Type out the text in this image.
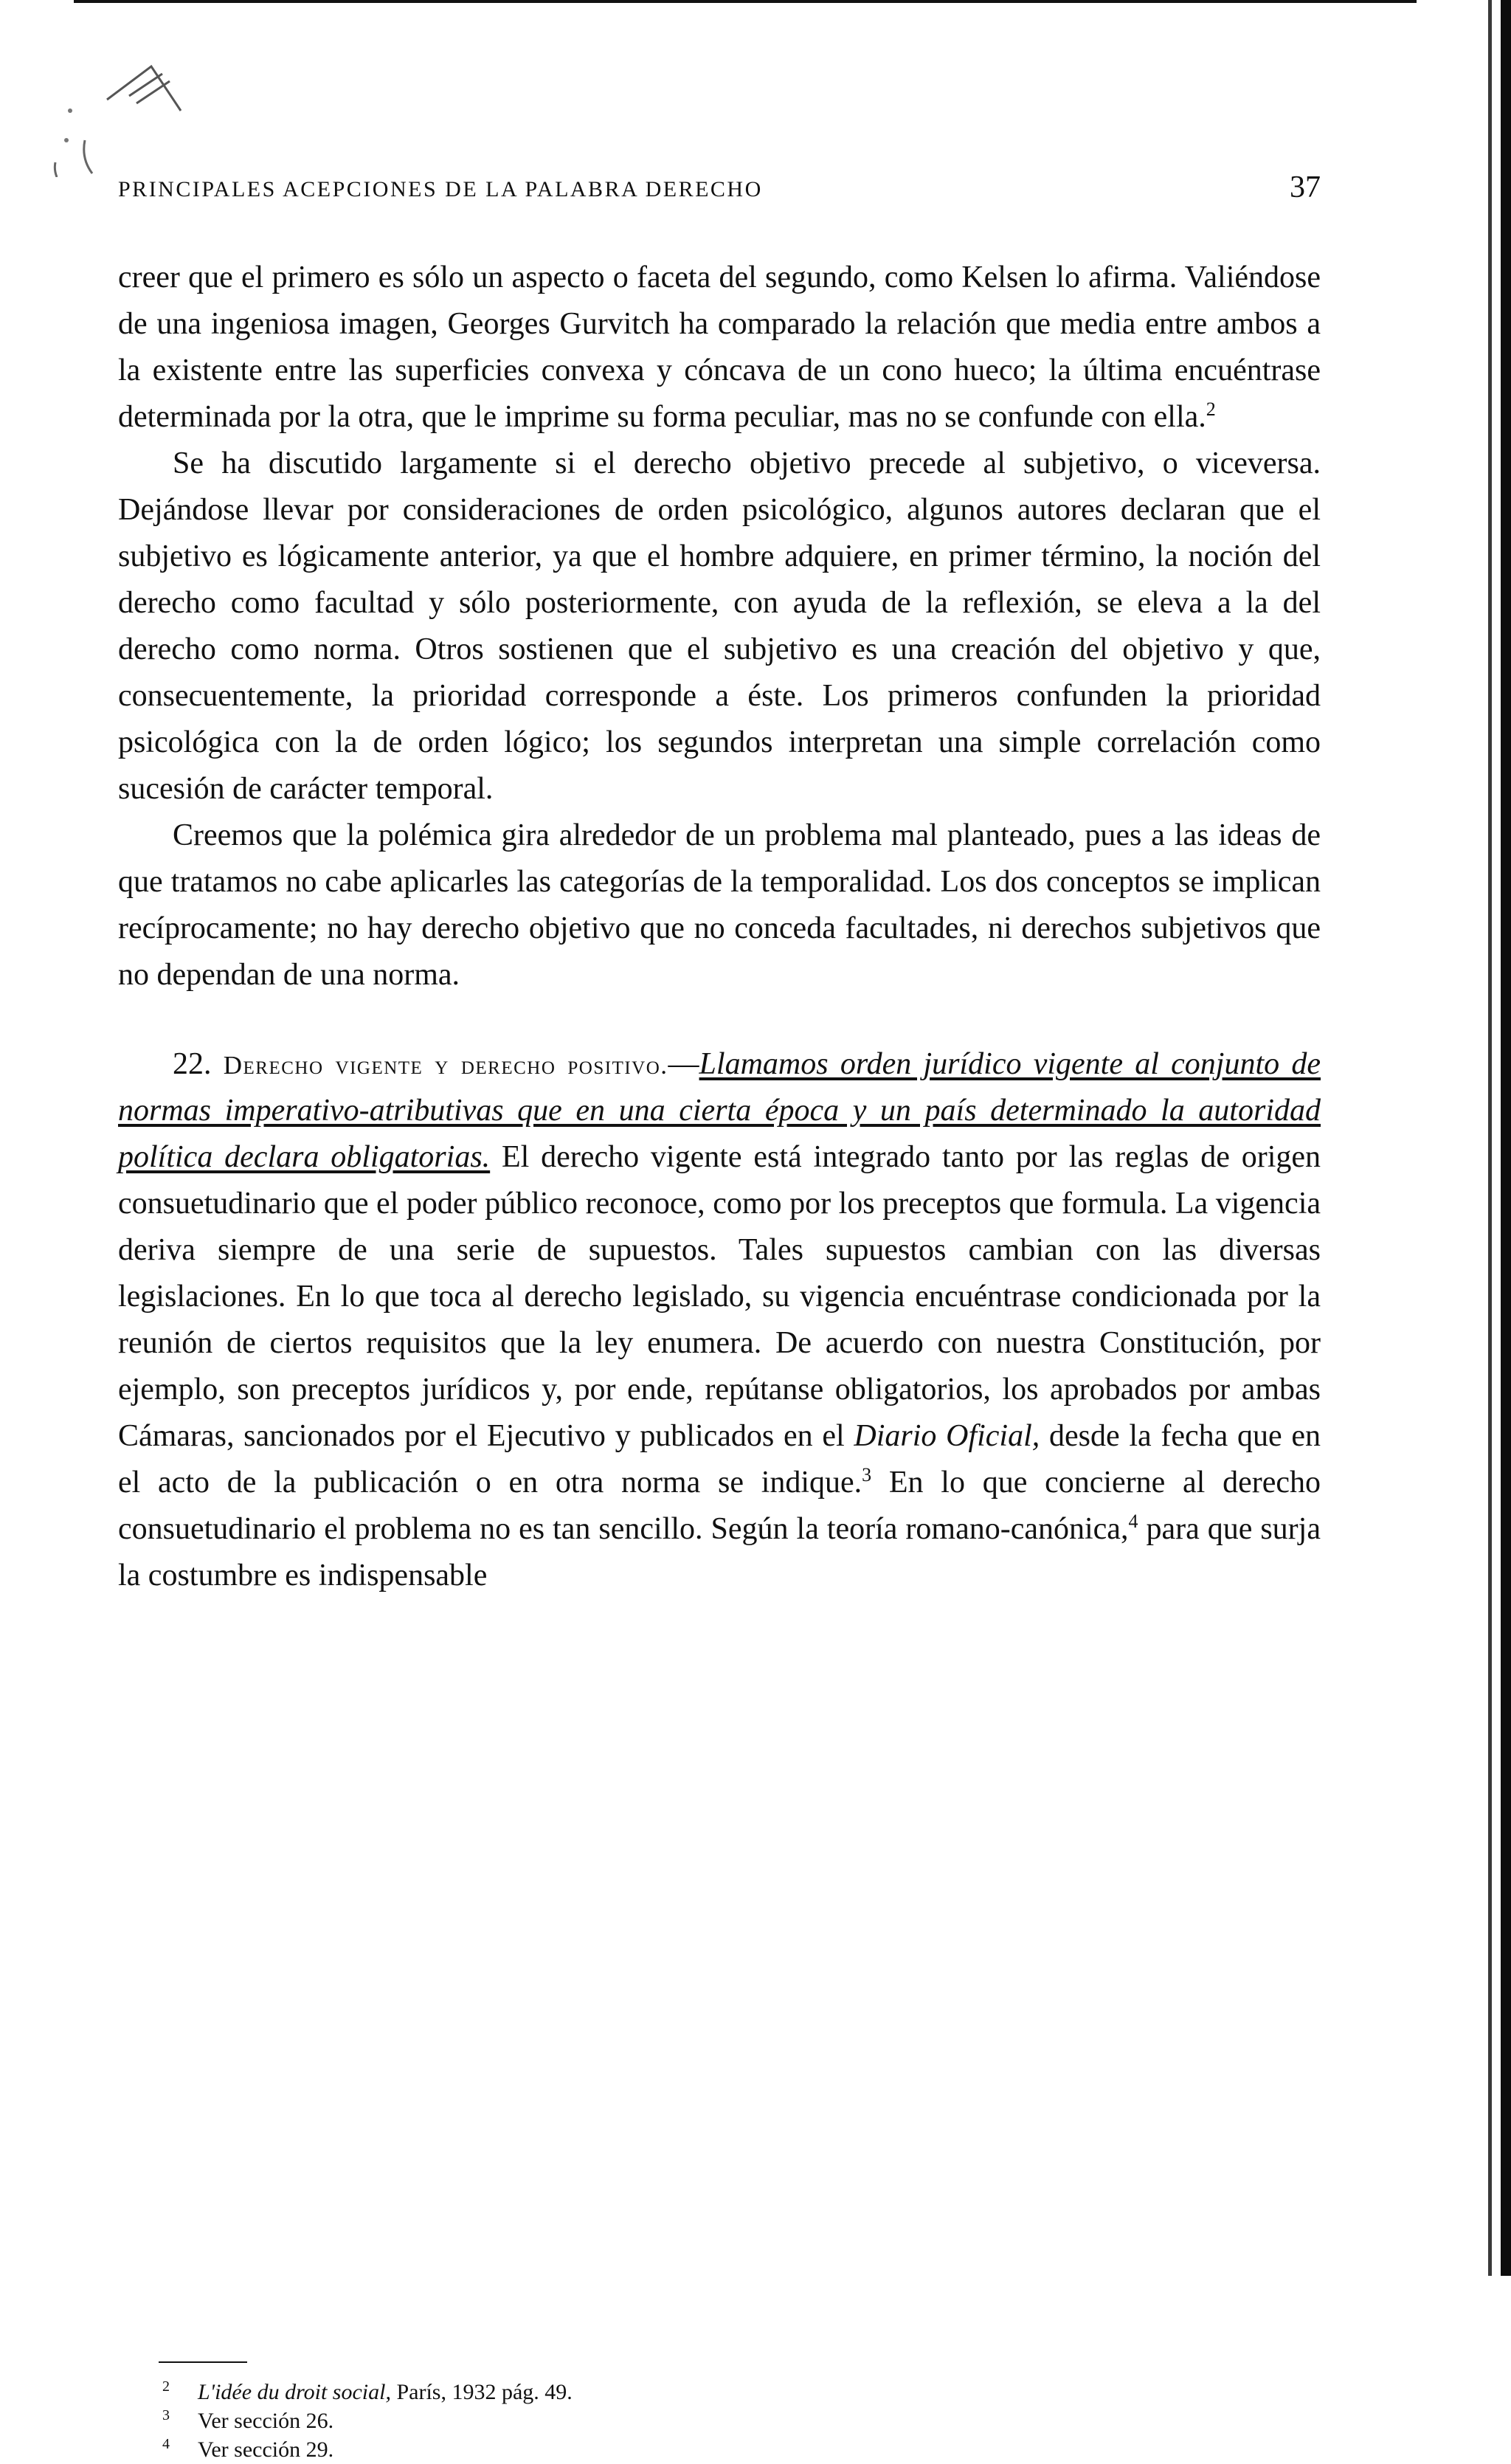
PRINCIPALES ACEPCIONES DE LA PALABRA DERECHO	37

creer que el primero es sólo un aspecto o faceta del segundo, como Kelsen lo afirma. Valiéndose de una ingeniosa imagen, Georges Gurvitch ha comparado la relación que media entre ambos a la existente entre las superficies convexa y cóncava de un cono hueco; la última encuéntrase determinada por la otra, que le imprime su forma peculiar, mas no se confunde con ella.$^2$

Se ha discutido largamente si el derecho objetivo precede al subjetivo, o viceversa. Dejándose llevar por consideraciones de orden psicológico, algunos autores declaran que el subjetivo es lógicamente anterior, ya que el hombre adquiere, en primer término, la noción del derecho como facultad y sólo posteriormente, con ayuda de la reflexión, se eleva a la del derecho como norma. Otros sostienen que el subjetivo es una creación del objetivo y que, consecuentemente, la prioridad corresponde a éste. Los primeros confunden la prioridad psicológica con la de orden lógico; los segundos interpretan una simple correlación como sucesión de carácter temporal.

Creemos que la polémica gira alrededor de un problema mal planteado, pues a las ideas de que tratamos no cabe aplicarles las categorías de la temporalidad. Los dos conceptos se implican recíprocamente; no hay derecho objetivo que no conceda facultades, ni derechos subjetivos que no dependan de una norma.

22. Derecho vigente y derecho positivo.—Llamamos orden jurídico vigente al conjunto de normas imperativo-atributivas que en una cierta época y un país determinado la autoridad política declara obligatorias. El derecho vigente está integrado tanto por las reglas de origen consuetudinario que el poder público reconoce, como por los preceptos que formula. La vigencia deriva siempre de una serie de supuestos. Tales supuestos cambian con las diversas legislaciones. En lo que toca al derecho legislado, su vigencia encuéntrase condicionada por la reunión de ciertos requisitos que la ley enumera. De acuerdo con nuestra Constitución, por ejemplo, son preceptos jurídicos y, por ende, repútanse obligatorios, los aprobados por ambas Cámaras, sancionados por el Ejecutivo y publicados en el Diario Oficial, desde la fecha que en el acto de la publicación o en otra norma se indique.$^3$ En lo que concierne al derecho consuetudinario el problema no es tan sencillo. Según la teoría romano-canónica,$^4$ para que surja la costumbre es indispensable

2 L'idée du droit social, París, 1932 pág. 49.
3 Ver sección 26.
4 Ver sección 29.
